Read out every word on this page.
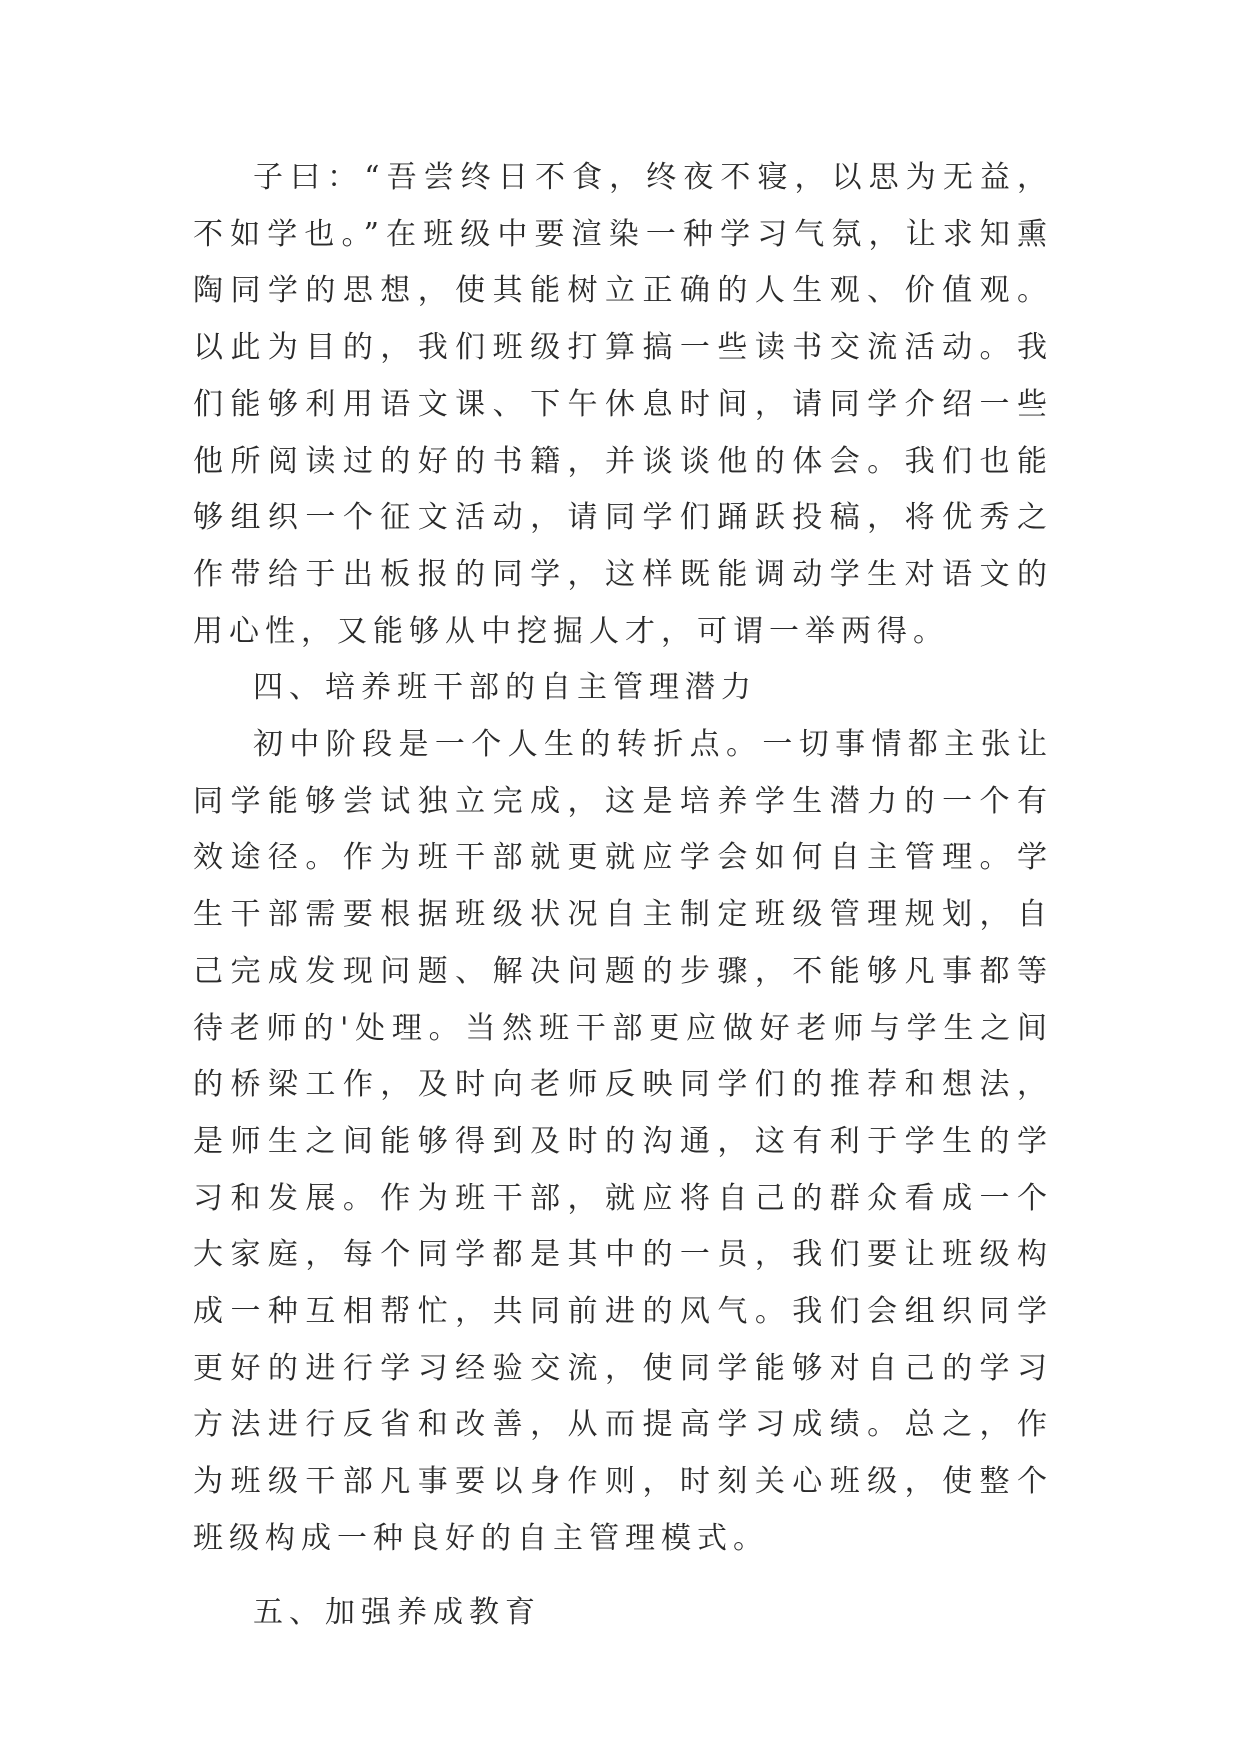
子曰：“吾尝终日不食，终夜不寝，以思为无益，不如学也。”在班级中要渲染一种学习气氛，让求知熏陶同学的思想，使其能树立正确的人生观、价值观。以此为目的，我们班级打算搞一些读书交流活动。我们能够利用语文课、下午休息时间，请同学介绍一些他所阅读过的好的书籍，并谈谈他的体会。我们也能够组织一个征文活动，请同学们踊跃投稿，将优秀之作带给于出板报的同学，这样既能调动学生对语文的用心性，又能够从中挖掘人才，可谓一举两得。

四、培养班干部的自主管理潜力

初中阶段是一个人生的转折点。一切事情都主张让同学能够尝试独立完成，这是培养学生潜力的一个有效途径。作为班干部就更就应学会如何自主管理。学生干部需要根据班级状况自主制定班级管理规划，自己完成发现问题、解决问题的步骤，不能够凡事都等待老师的'处理。当然班干部更应做好老师与学生之间的桥梁工作，及时向老师反映同学们的推荐和想法，是师生之间能够得到及时的沟通，这有利于学生的学习和发展。作为班干部，就应将自己的群众看成一个大家庭，每个同学都是其中的一员，我们要让班级构成一种互相帮忙，共同前进的风气。我们会组织同学更好的进行学习经验交流，使同学能够对自己的学习方法进行反省和改善，从而提高学习成绩。总之，作为班级干部凡事要以身作则，时刻关心班级，使整个班级构成一种良好的自主管理模式。

五、加强养成教育
